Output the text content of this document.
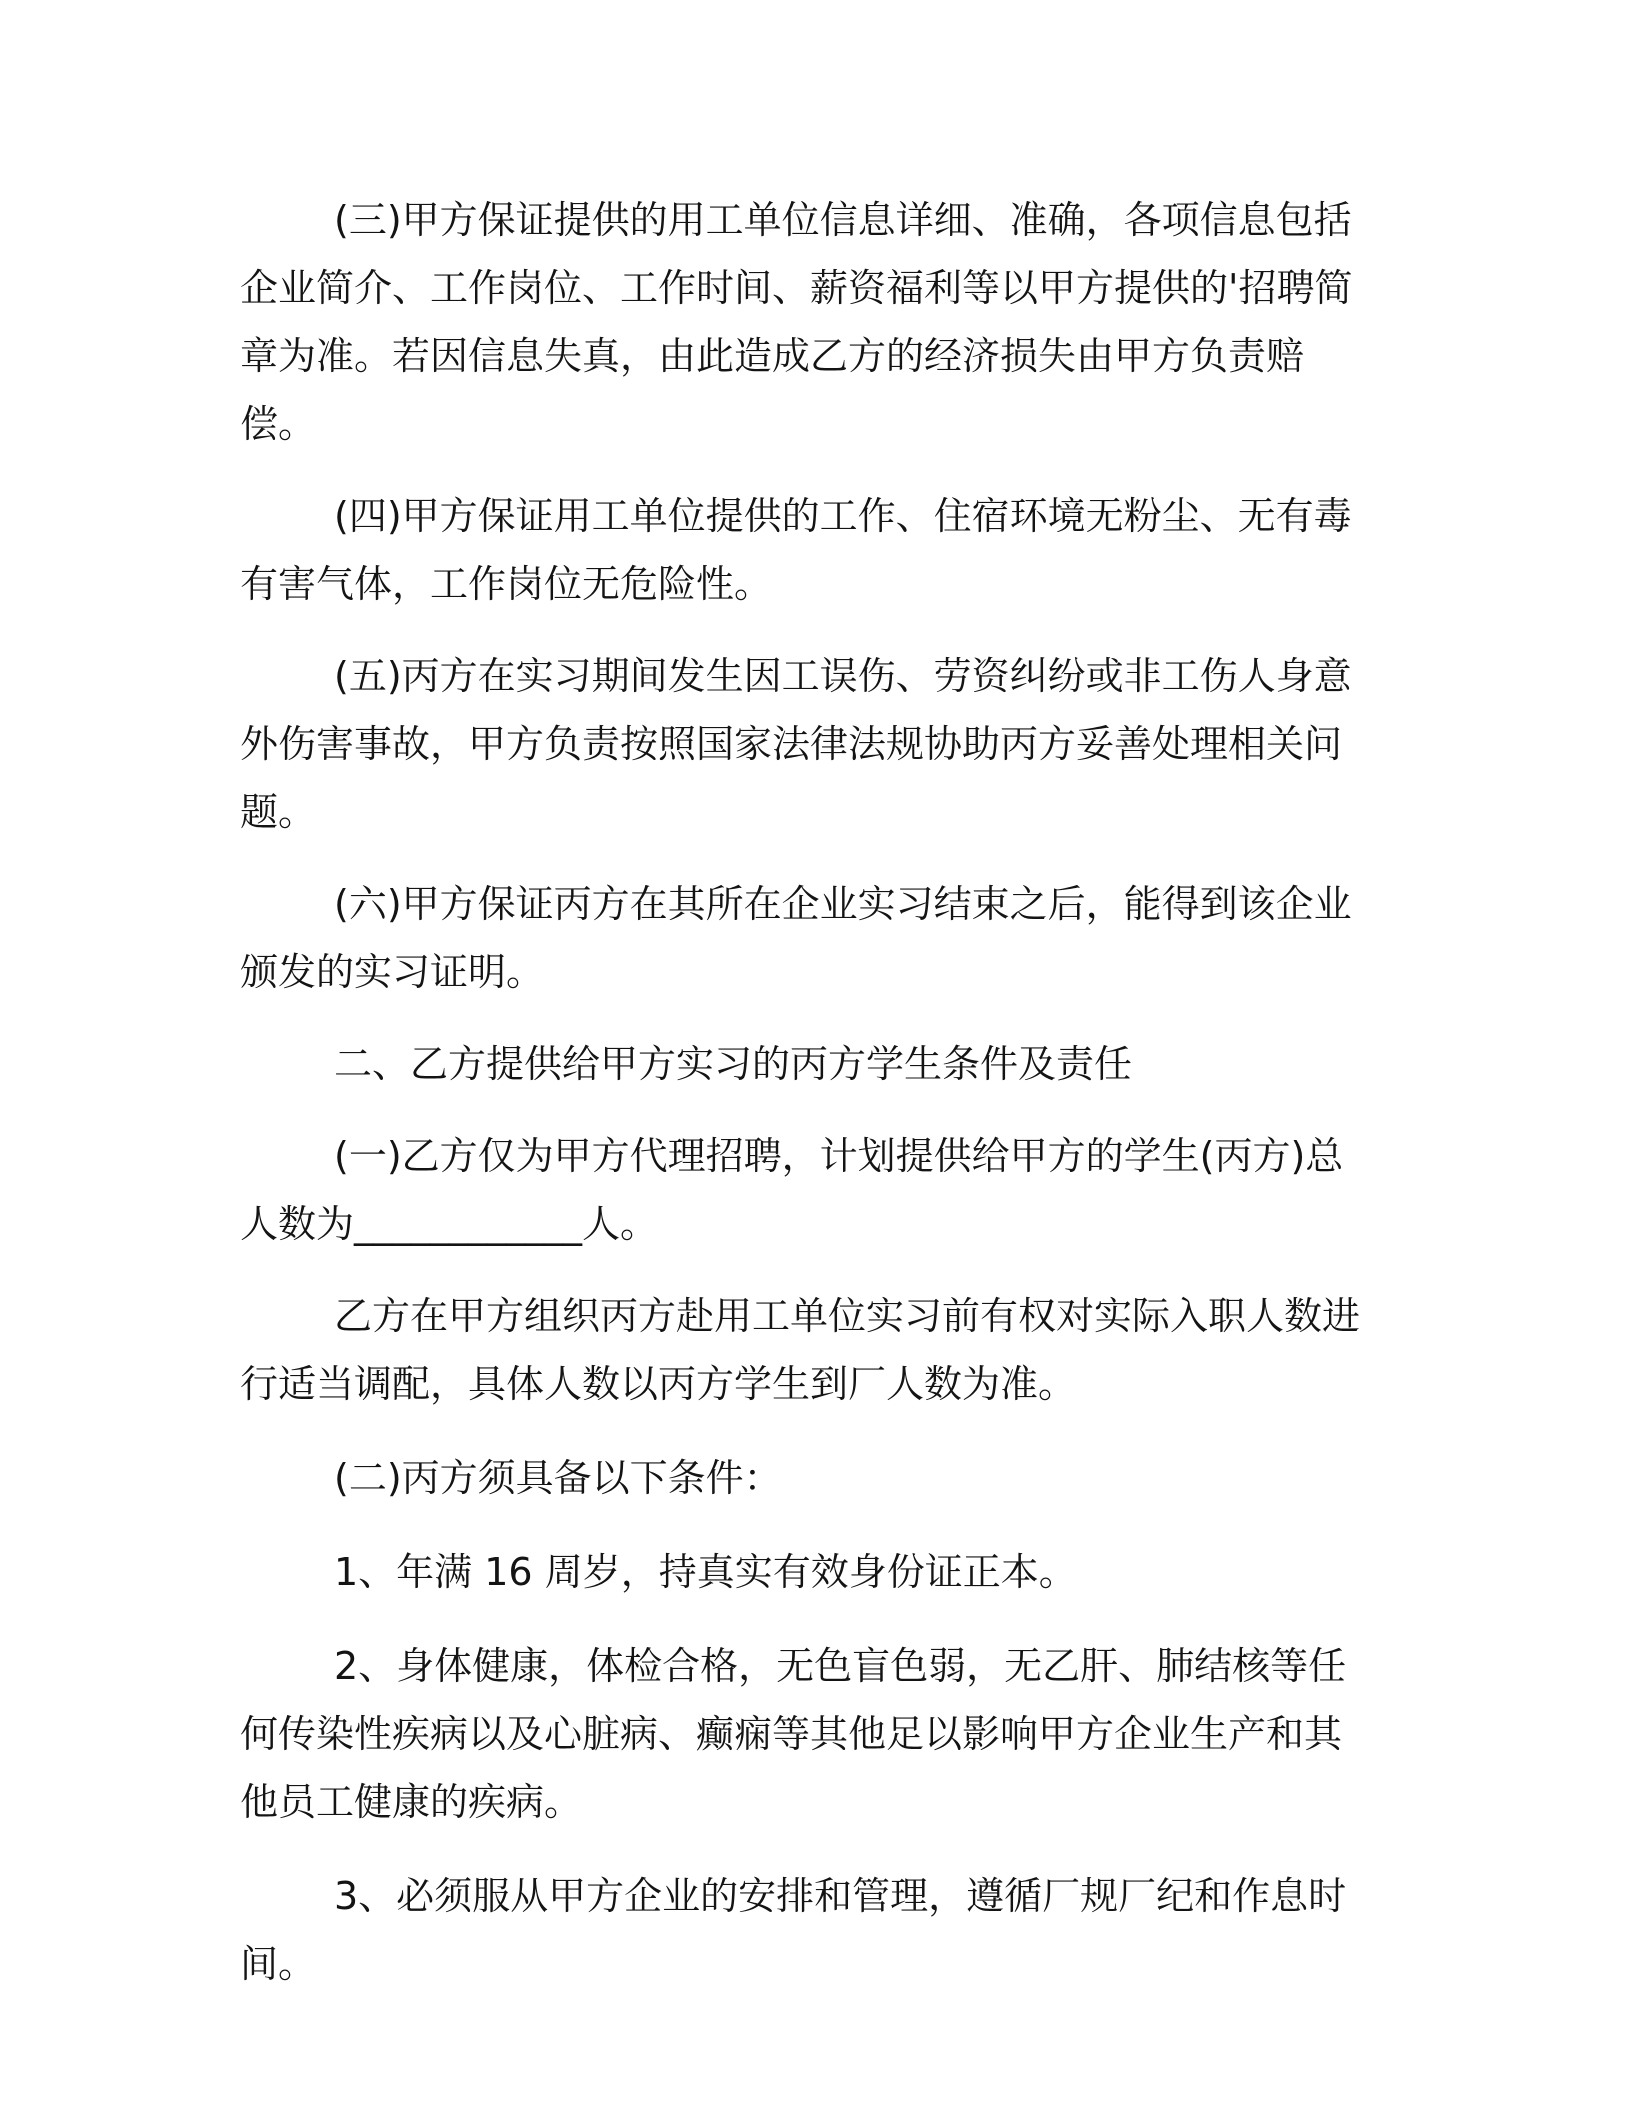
(三)甲方保证提供的用工单位信息详细、准确，各项信息包括企业简介、工作岗位、工作时间、薪资福利等以甲方提供的'招聘简章为准。若因信息失真，由此造成乙方的经济损失由甲方负责赔偿。

(四)甲方保证用工单位提供的工作、住宿环境无粉尘、无有毒有害气体，工作岗位无危险性。

(五)丙方在实习期间发生因工误伤、劳资纠纷或非工伤人身意外伤害事故，甲方负责按照国家法律法规协助丙方妥善处理相关问题。

(六)甲方保证丙方在其所在企业实习结束之后，能得到该企业颁发的实习证明。

二、乙方提供给甲方实习的丙方学生条件及责任

(一)乙方仅为甲方代理招聘，计划提供给甲方的学生(丙方)总人数为____________人。

乙方在甲方组织丙方赴用工单位实习前有权对实际入职人数进行适当调配，具体人数以丙方学生到厂人数为准。

(二)丙方须具备以下条件：

1、年满 16 周岁，持真实有效身份证正本。

2、身体健康，体检合格，无色盲色弱，无乙肝、肺结核等任何传染性疾病以及心脏病、癫痫等其他足以影响甲方企业生产和其他员工健康的疾病。

3、必须服从甲方企业的安排和管理，遵循厂规厂纪和作息时间。
